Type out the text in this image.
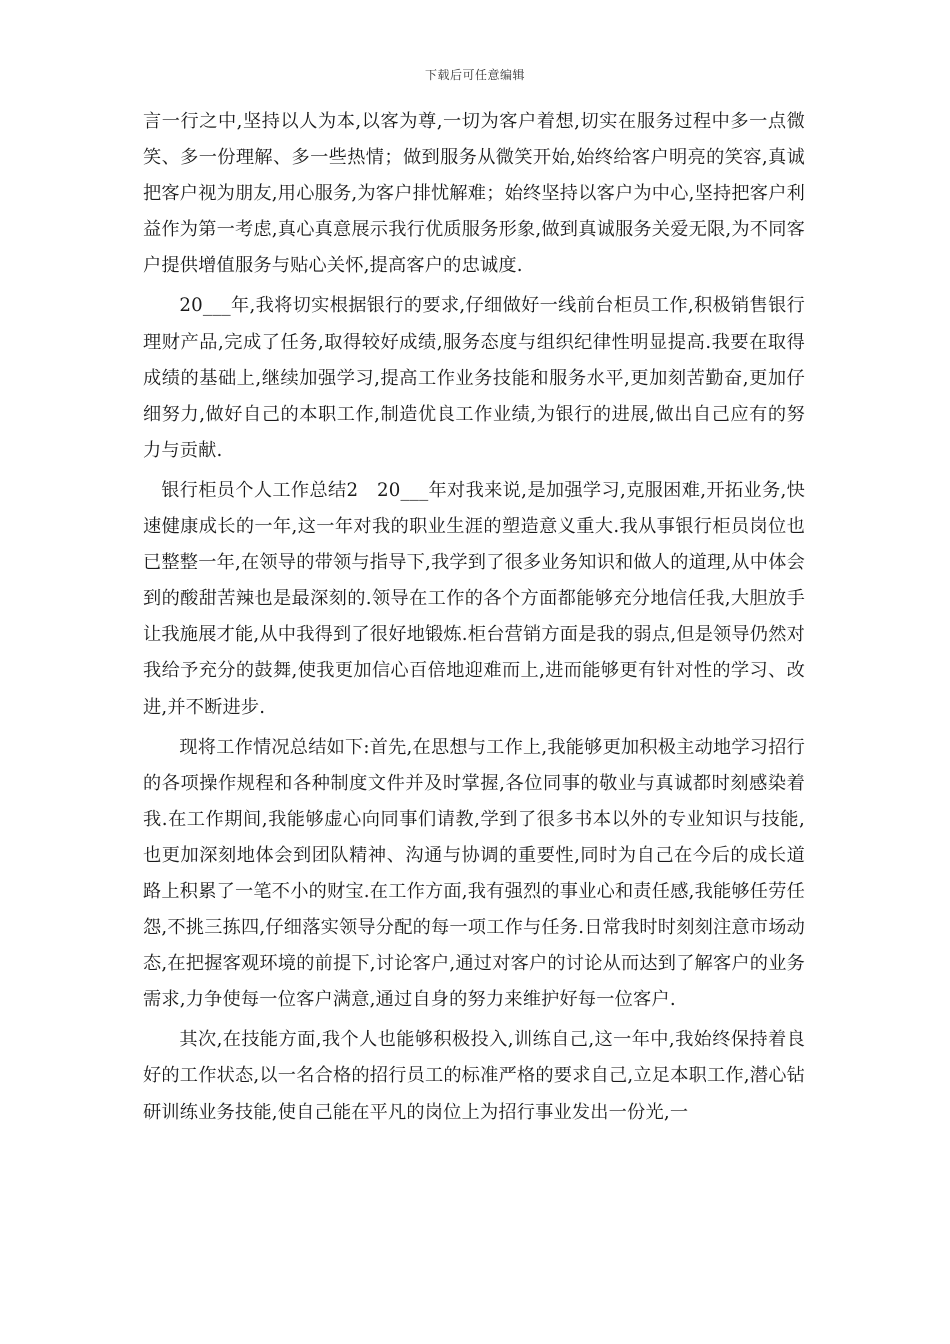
下载后可任意编辑

言一行之中,坚持以人为本,以客为尊,一切为客户着想,切实在服务过程中多一点微笑、多一份理解、多一些热情；做到服务从微笑开始,始终给客户明亮的笑容,真诚把客户视为朋友,用心服务,为客户排忧解难；始终坚持以客户为中心,坚持把客户利益作为第一考虑,真心真意展示我行优质服务形象,做到真诚服务关爱无限,为不同客户提供增值服务与贴心关怀,提高客户的忠诚度.

20___年,我将切实根据银行的要求,仔细做好一线前台柜员工作,积极销售银行理财产品,完成了任务,取得较好成绩,服务态度与组织纪律性明显提高.我要在取得成绩的基础上,继续加强学习,提高工作业务技能和服务水平,更加刻苦勤奋,更加仔细努力,做好自己的本职工作,制造优良工作业绩,为银行的进展,做出自己应有的努力与贡献.

银行柜员个人工作总结2　20___年对我来说,是加强学习,克服困难,开拓业务,快速健康成长的一年,这一年对我的职业生涯的塑造意义重大.我从事银行柜员岗位也已整整一年,在领导的带领与指导下,我学到了很多业务知识和做人的道理,从中体会到的酸甜苦辣也是最深刻的.领导在工作的各个方面都能够充分地信任我,大胆放手让我施展才能,从中我得到了很好地锻炼.柜台营销方面是我的弱点,但是领导仍然对我给予充分的鼓舞,使我更加信心百倍地迎难而上,进而能够更有针对性的学习、改进,并不断进步.

现将工作情况总结如下:首先,在思想与工作上,我能够更加积极主动地学习招行的各项操作规程和各种制度文件并及时掌握,各位同事的敬业与真诚都时刻感染着我.在工作期间,我能够虚心向同事们请教,学到了很多书本以外的专业知识与技能,也更加深刻地体会到团队精神、沟通与协调的重要性,同时为自己在今后的成长道路上积累了一笔不小的财宝.在工作方面,我有强烈的事业心和责任感,我能够任劳任怨,不挑三拣四,仔细落实领导分配的每一项工作与任务.日常我时时刻刻注意市场动态,在把握客观环境的前提下,讨论客户,通过对客户的讨论从而达到了解客户的业务需求,力争使每一位客户满意,通过自身的努力来维护好每一位客户.

其次,在技能方面,我个人也能够积极投入,训练自己,这一年中,我始终保持着良好的工作状态,以一名合格的招行员工的标准严格的要求自己,立足本职工作,潜心钻研训练业务技能,使自己能在平凡的岗位上为招行事业发出一份光,一
